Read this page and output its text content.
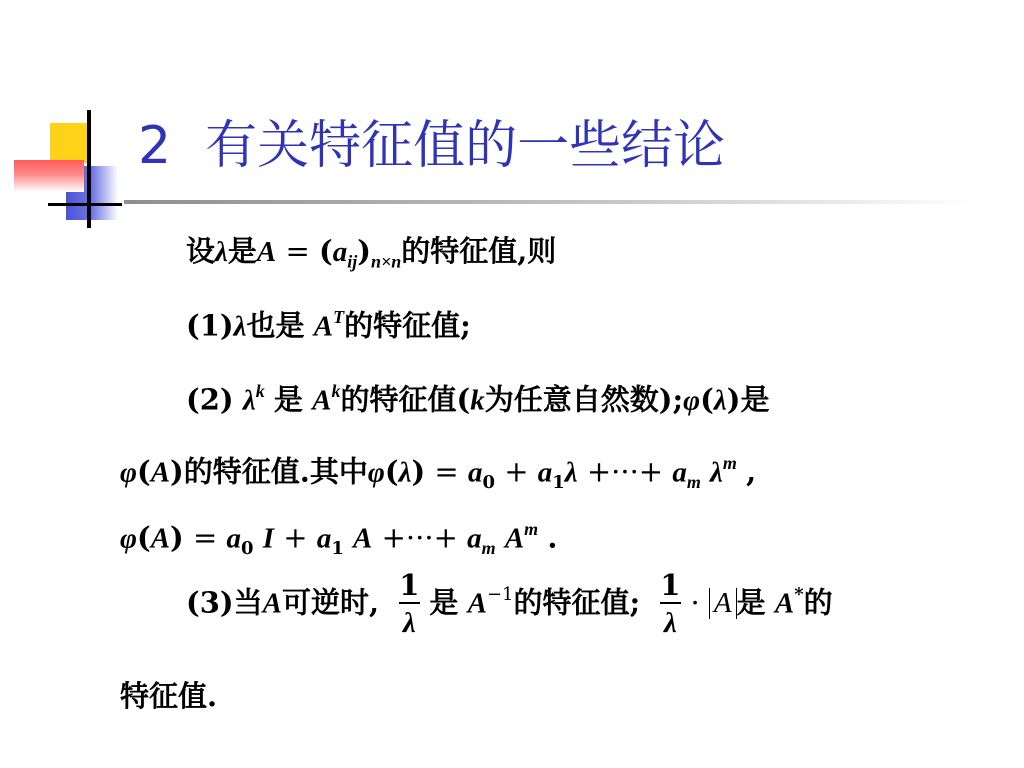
2 有关特征值的一些结论
设λ是$A = (a_{ij})_{n\times n}$的特征值,则
(1)λ也是 $A^T$的特征值;
(2) $\lambda^k$ 是 $A^k$的特征值(k为任意自然数);φ(λ)是
φ(A)的特征值.其中$\varphi(\lambda) = a_0 + a_1\lambda$ +···+ $a_m$ $\lambda^m$ ,
$\varphi(A) = a_0$ $I + a_1$ A +···+ $a_m$ $A^m$ .
(3)当A可逆时, $\frac{1}{\lambda}$ 是 $A^{-1}$的特征值; $\frac{1}{\lambda} \cdot A$ 是 A*的
特征值.
